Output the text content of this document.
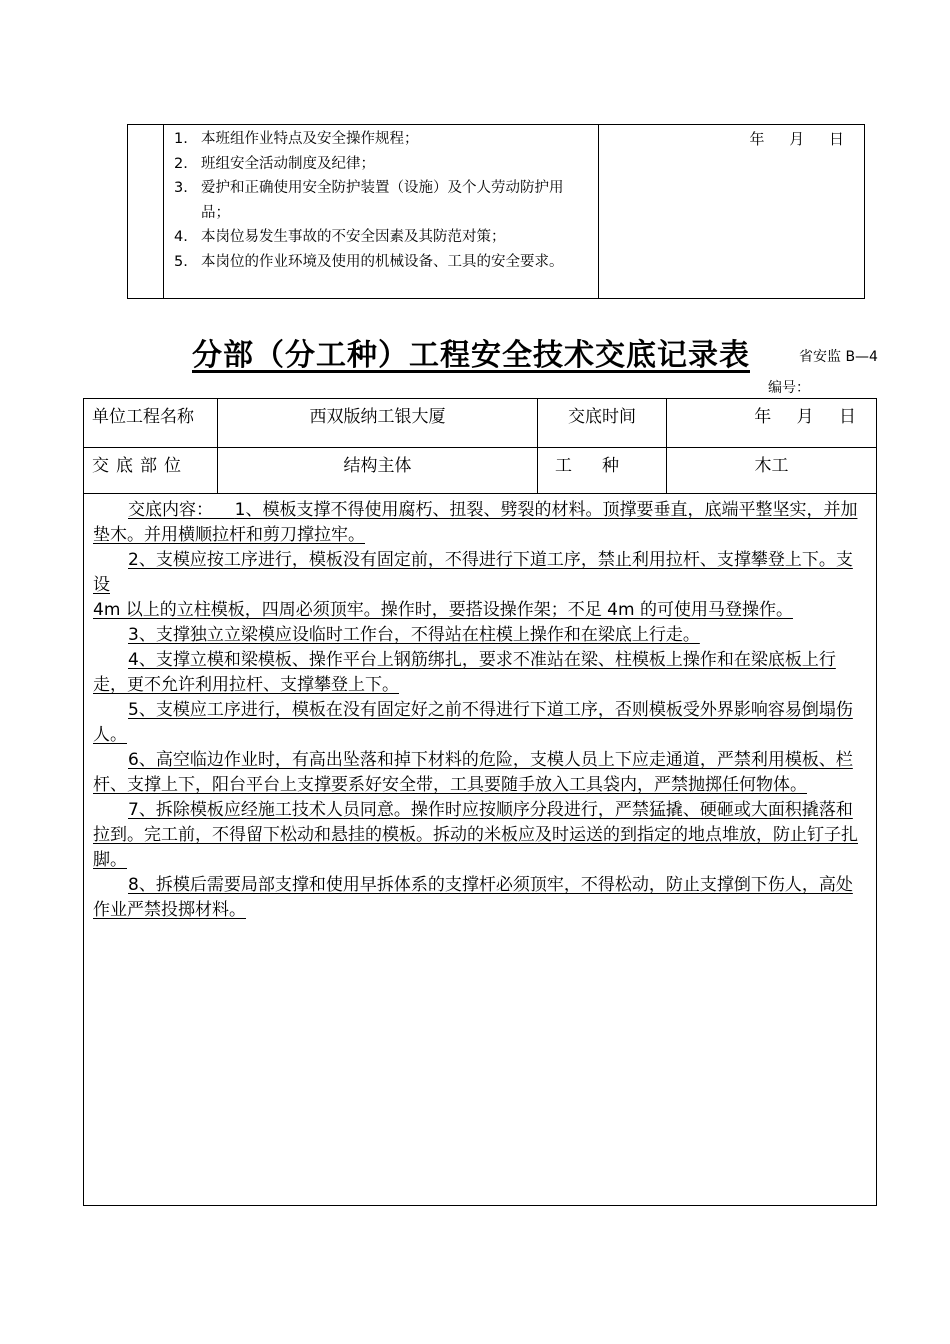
1. 本班组作业特点及安全操作规程；
2. 班组安全活动制度及纪律；
3. 爱护和正确使用安全防护装置（设施）及个人劳动防护用品；
4. 本岗位易发生事故的不安全因素及其防范对策；
5. 本岗位的作业环境及使用的机械设备、工具的安全要求。
年 月 日
分部（分工种）工程安全技术交底记录表	省安监 B—4
编号：
单位工程名称	西双版纳工银大厦	交底时间	年 月 日
交底部位	结构主体	工种	木工

交底内容： 1、模板支撑不得使用腐朽、扭裂、劈裂的材料。顶撑要垂直，底端平整坚实，并加垫木。并用横顺拉杆和剪刀撑拉牢。

2、支模应按工序进行，模板没有固定前，不得进行下道工序，禁止利用拉杆、支撑攀登上下。支设

4m 以上的立柱模板，四周必须顶牢。操作时，要搭设操作架；不足 4m 的可使用马登操作。

3、支撑独立立梁模应设临时工作台，不得站在柱模上操作和在梁底上行走。

4、支撑立模和梁模板、操作平台上钢筋绑扎，要求不准站在梁、柱模板上操作和在梁底板上行走，更不允许利用拉杆、支撑攀登上下。

5、支模应工序进行，模板在没有固定好之前不得进行下道工序，否则模板受外界影响容易倒塌伤人。

6、高空临边作业时，有高出坠落和掉下材料的危险，支模人员上下应走通道，严禁利用模板、栏杆、支撑上下，阳台平台上支撑要系好安全带，工具要随手放入工具袋内，严禁抛掷任何物体。

7、拆除模板应经施工技术人员同意。操作时应按顺序分段进行，严禁猛撬、硬砸或大面积撬落和拉到。完工前，不得留下松动和悬挂的模板。拆动的米板应及时运送的到指定的地点堆放，防止钉子扎脚。

8、拆模后需要局部支撑和使用早拆体系的支撑杆必须顶牢，不得松动，防止支撑倒下伤人，高处作业严禁投掷材料。
